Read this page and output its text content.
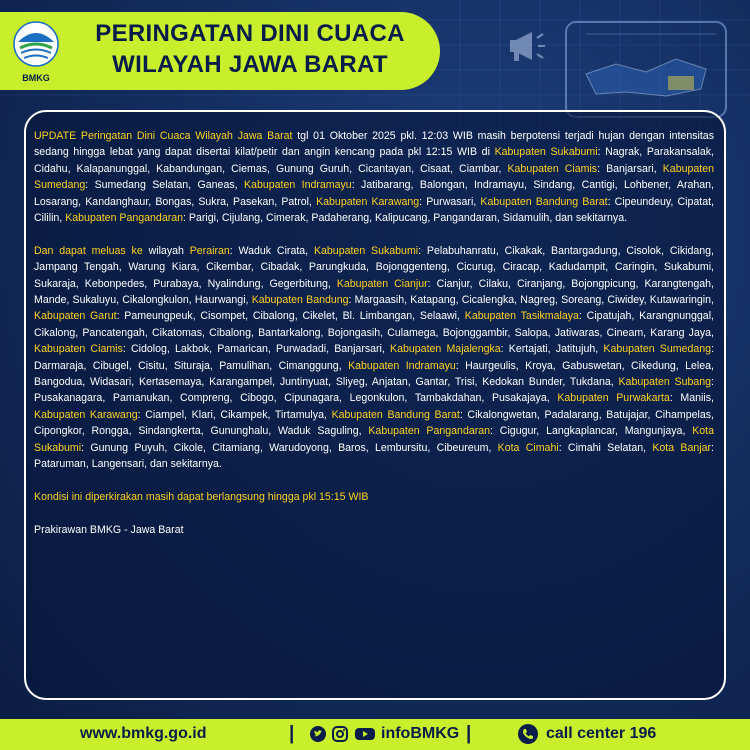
BMKG
PERINGATAN DINI CUACA
WILAYAH JAWA BARAT

UPDATE Peringatan Dini Cuaca Wilayah Jawa Barat tgl 01 Oktober 2025 pkl. 12:03 WIB masih berpotensi terjadi hujan dengan intensitas sedang hingga lebat yang dapat disertai kilat/petir dan angin kencang pada pkl 12:15 WIB di Kabupaten Sukabumi: Nagrak, Parakansalak, Cidahu, Kalapanunggal, Kabandungan, Ciemas, Gunung Guruh, Cicantayan, Cisaat, Ciambar, Kabupaten Ciamis: Banjarsari, Kabupaten Sumedang: Sumedang Selatan, Ganeas, Kabupaten Indramayu: Jatibarang, Balongan, Indramayu, Sindang, Cantigi, Lohbener, Arahan, Losarang, Kandanghaur, Bongas, Sukra, Pasekan, Patrol, Kabupaten Karawang: Purwasari, Kabupaten Bandung Barat: Cipeundeuy, Cipatat, Cililin, Kabupaten Pangandaran: Parigi, Cijulang, Cimerak, Padaherang, Kalipucang, Pangandaran, Sidamulih, dan sekitarnya.

Dan dapat meluas ke wilayah Perairan: Waduk Cirata, Kabupaten Sukabumi: Pelabuhanratu, Cikakak, Bantargadung, Cisolok, Cikidang, Jampang Tengah, Warung Kiara, Cikembar, Cibadak, Parungkuda, Bojonggenteng, Cicurug, Ciracap, Kadudampit, Caringin, Sukabumi, Sukaraja, Kebonpedes, Purabaya, Nyalindung, Gegerbitung, Kabupaten Cianjur: Cianjur, Cilaku, Ciranjang, Bojongpicung, Karangtengah, Mande, Sukaluyu, Cikalongkulon, Haurwangi, Kabupaten Bandung: Margaasih, Katapang, Cicalengka, Nagreg, Soreang, Ciwidey, Kutawaringin, Kabupaten Garut: Pameungpeuk, Cisompet, Cibalong, Cikelet, Bl. Limbangan, Selaawi, Kabupaten Tasikmalaya: Cipatujah, Karangnunggal, Cikalong, Pancatengah, Cikatomas, Cibalong, Bantarkalong, Bojongasih, Culamega, Bojonggambir, Salopa, Jatiwaras, Cineam, Karang Jaya, Kabupaten Ciamis: Cidolog, Lakbok, Pamarican, Purwadadi, Banjarsari, Kabupaten Majalengka: Kertajati, Jatitujuh, Kabupaten Sumedang: Darmaraja, Cibugel, Cisitu, Situraja, Pamulihan, Cimanggung, Kabupaten Indramayu: Haurgeulis, Kroya, Gabuswetan, Cikedung, Lelea, Bangodua, Widasari, Kertasemaya, Karangampel, Juntinyuat, Sliyeg, Anjatan, Gantar, Trisi, Kedokan Bunder, Tukdana, Kabupaten Subang: Pusakanagara, Pamanukan, Compreng, Cibogo, Cipunagara, Legonkulon, Tambakdahan, Pusakajaya, Kabupaten Purwakarta: Maniis, Kabupaten Karawang: Ciampel, Klari, Cikampek, Tirtamulya, Kabupaten Bandung Barat: Cikalongwetan, Padalarang, Batujajar, Cihampelas, Cipongkor, Rongga, Sindangkerta, Gununghalu, Waduk Saguling, Kabupaten Pangandaran: Cigugur, Langkaplancar, Mangunjaya, Kota Sukabumi: Gunung Puyuh, Cikole, Citamiang, Warudoyong, Baros, Lembursitu, Cibeureum, Kota Cimahi: Cimahi Selatan, Kota Banjar: Pataruman, Langensari, dan sekitarnya.

Kondisi ini diperkirakan masih dapat berlangsung hingga pkl 15:15 WIB

Prakirawan BMKG - Jawa Barat

www.bmkg.go.id	|	infoBMKG |	call center 196
